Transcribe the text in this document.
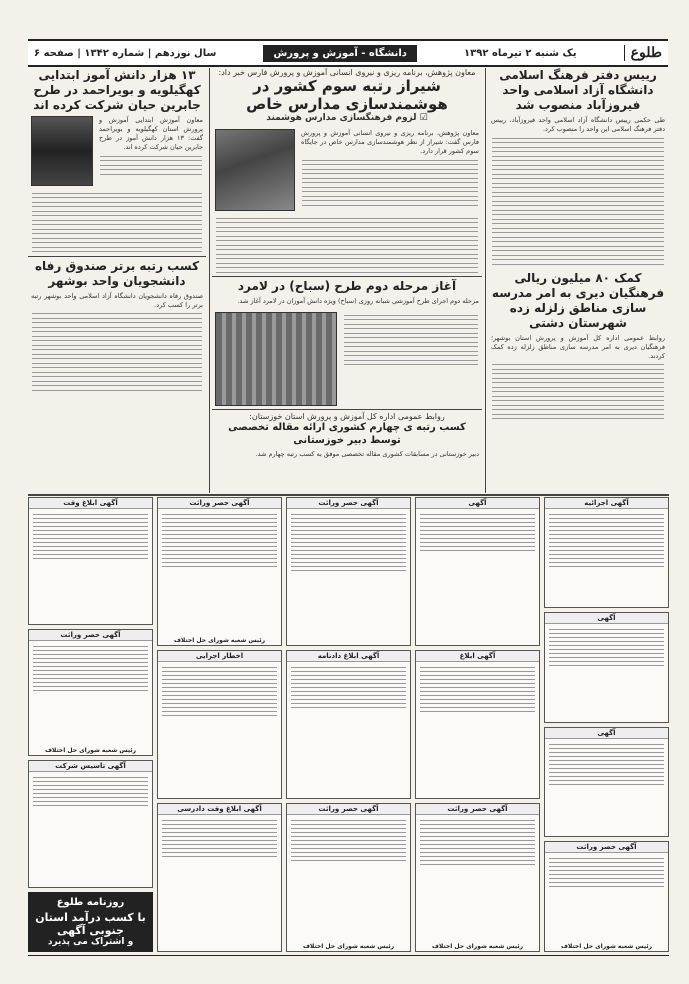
طلوع
یک شنبه ۲ تیرماه ۱۳۹۲
دانشگاه - آموزش و پرورش
سال نوزدهم | شماره ۱۳۴۲ | صفحه ۶
رییس دفتر فرهنگ اسلامی دانشگاه آزاد اسلامی واحد فیروزآباد منصوب شد

طی حکمی رییس دانشگاه آزاد اسلامی واحد فیروزآباد، رییس دفتر فرهنگ اسلامی این واحد را منصوب کرد.

کمک ۸۰ میلیون ریالی فرهنگیان دیری به امر مدرسه سازی مناطق زلزله زده شهرستان دشتی

روابط عمومی اداره کل آموزش و پرورش استان بوشهر؛ فرهنگیان دیری به امر مدرسه سازی مناطق زلزله زده کمک کردند.

معاون پژوهش، برنامه ریزی و نیروی انسانی آموزش و پرورش فارس خبر داد:
شیراز رتبه سوم کشور در هوشمندسازی مدارس خاص
☑ لزوم فرهنگسازی مدارس هوشمند

معاون پژوهش، برنامه ریزی و نیروی انسانی آموزش و پرورش فارس گفت: شیراز از نظر هوشمندسازی مدارس خاص در جایگاه سوم کشور قرار دارد.

آغاز مرحله دوم طرح (سباح) در لامرد

مرحله دوم اجرای طرح آموزشی شبانه روزی (سباح) ویژه دانش آموزان در لامرد آغاز شد.

روابط عمومی اداره کل آموزش و پرورش استان خوزستان:
کسب رتبه ی چهارم کشوری ارائه مقاله تخصصی توسط دبیر خوزستانی

دبیر خوزستانی در مسابقات کشوری مقاله تخصصی موفق به کسب رتبه چهارم شد.

۱۳ هزار دانش آموز ابتدایی کهگیلویه و بویراحمد در طرح جابرین حیان شرکت کرده اند

معاون آموزش ابتدایی آموزش و پرورش استان کهگیلویه و بویراحمد گفت: ۱۳ هزار دانش آموز در طرح جابرین حیان شرکت کرده اند.

کسب رتبه برتر صندوق رفاه دانشجویان واحد بوشهر

صندوق رفاه دانشجویان دانشگاه آزاد اسلامی واحد بوشهر رتبه برتر را کسب کرد.

آگهی ابلاغ وقت
آگهی حصر وراثت
رئیس شعبه شورای حل اختلاف
آگهی تاسیس شرکت
روزنامه طلوع
با کسب درآمد استان جنوبی آگهی
و اشتراک می پذیرد
آگهی حصر وراثت
رئیس شعبه شورای حل اختلاف
اخطار اجرایی
آگهی ابلاغ وقت دادرسی
آگهی حصر وراثت
آگهی ابلاغ دادنامه
آگهی حصر وراثت
رئیس شعبه شورای حل اختلاف
آگهی
آگهی ابلاغ
آگهی حصر وراثت
رئیس شعبه شورای حل اختلاف
آگهی اجرائیه
آگهی
آگهی
آگهی حصر وراثت
رئیس شعبه شورای حل اختلاف
